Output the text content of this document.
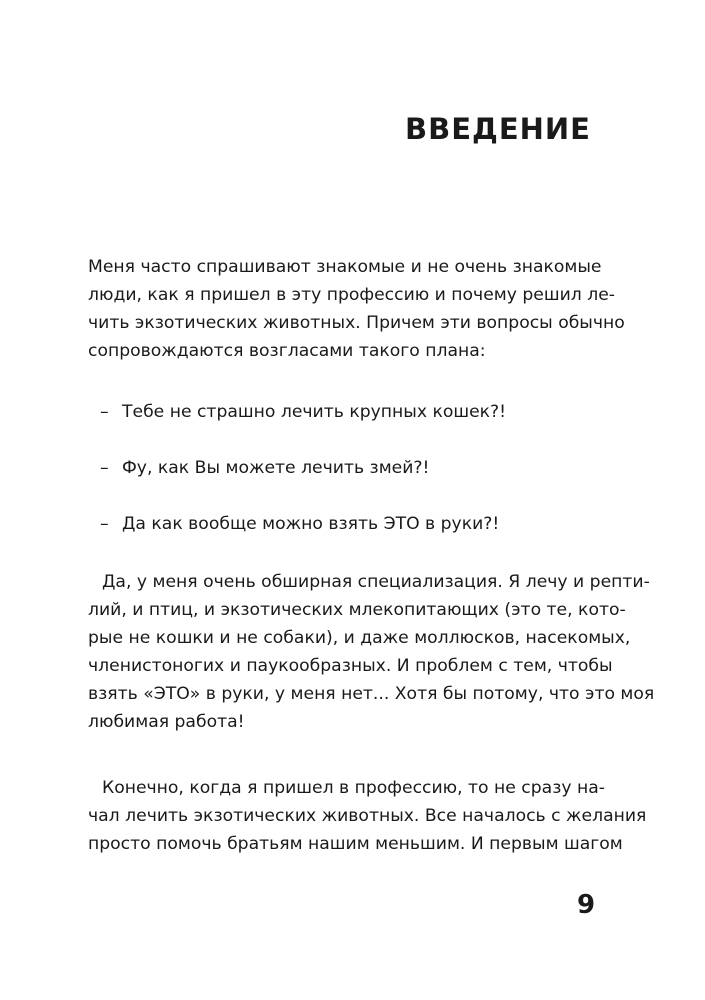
ВВЕДЕНИЕ

Меня часто спрашивают знакомые и не очень знакомые
люди, как я пришел в эту профессию и почему решил ле-
чить экзотических животных. Причем эти вопросы обычно
сопровождаются возгласами такого плана:

– Тебе не страшно лечить крупных кошек?!
– Фу, как Вы можете лечить змей?!
– Да как вообще можно взять ЭТО в руки?!

Да, у меня очень обширная специализация. Я лечу и репти-
лий, и птиц, и экзотических млекопитающих (это те, кото-
рые не кошки и не собаки), и даже моллюсков, насекомых,
членистоногих и паукообразных. И проблем с тем, чтобы
взять «ЭТО» в руки, у меня нет... Хотя бы потому, что это моя
любимая работа!

Конечно, когда я пришел в профессию, то не сразу на-
чал лечить экзотических животных. Все началось с желания
просто помочь братьям нашим меньшим. И первым шагом

9
